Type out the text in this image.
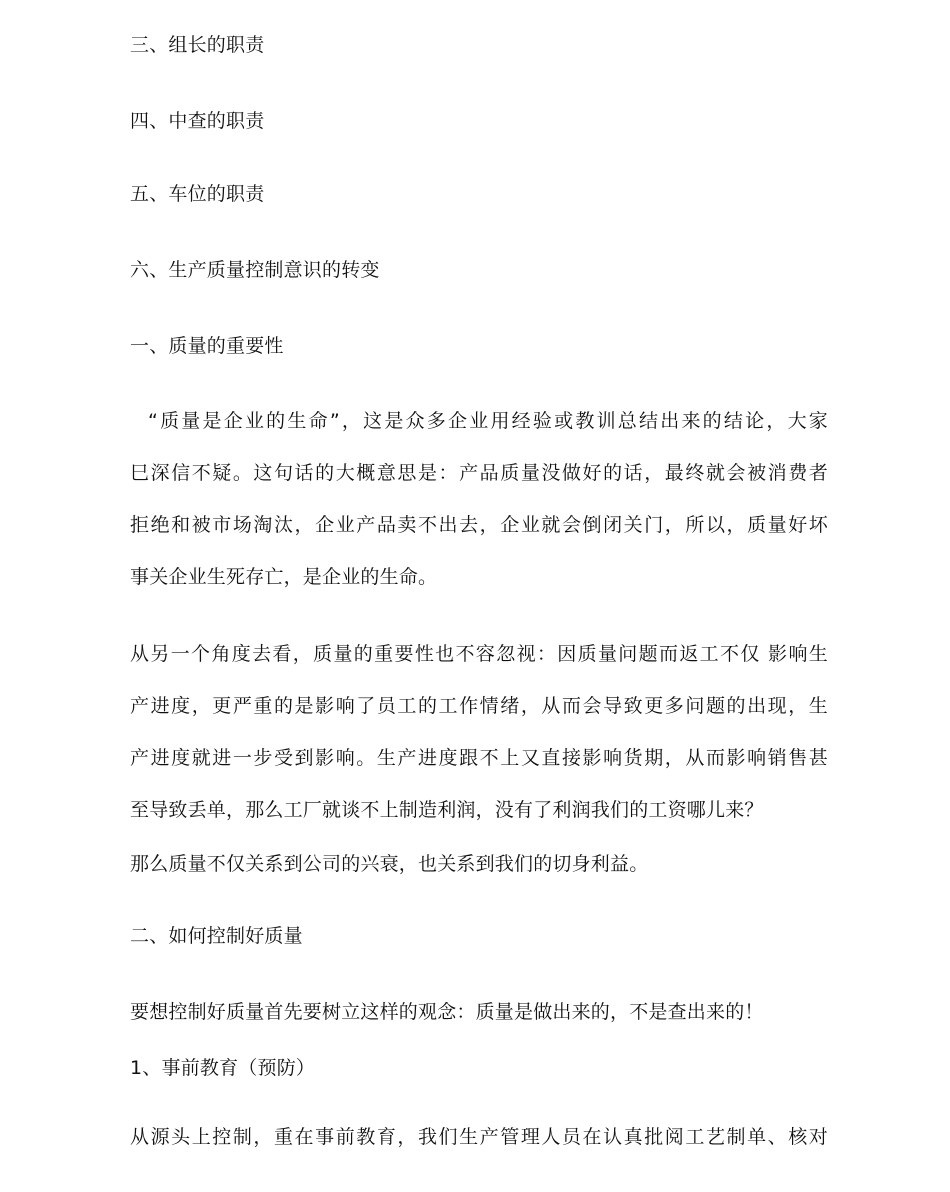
三、组长的职责
四、中查的职责
五、车位的职责
六、生产质量控制意识的转变
一、质量的重要性
“质量是企业的生命”，这是众多企业用经验或教训总结出来的结论，大家
巳深信不疑。这句话的大概意思是：产品质量没做好的话，最终就会被消费者
拒绝和被市场淘汰，企业产品卖不出去，企业就会倒闭关门，所以，质量好坏
事关企业生死存亡，是企业的生命。
从另一个角度去看，质量的重要性也不容忽视：因质量问题而返工不仅 影响生
产进度，更严重的是影响了员工的工作情绪，从而会导致更多问题的出现，生
产进度就进一步受到影响。生产进度跟不上又直接影响货期，从而影响销售甚
至导致丢单，那么工厂就谈不上制造利润，没有了利润我们的工资哪儿来？
那么质量不仅关系到公司的兴衰，也关系到我们的切身利益。
二、如何控制好质量
要想控制好质量首先要树立这样的观念：质量是做出来的，不是查出来的！
1、事前教育（预防）
从源头上控制，重在事前教育，我们生产管理人员在认真批阅工艺制单、核对
